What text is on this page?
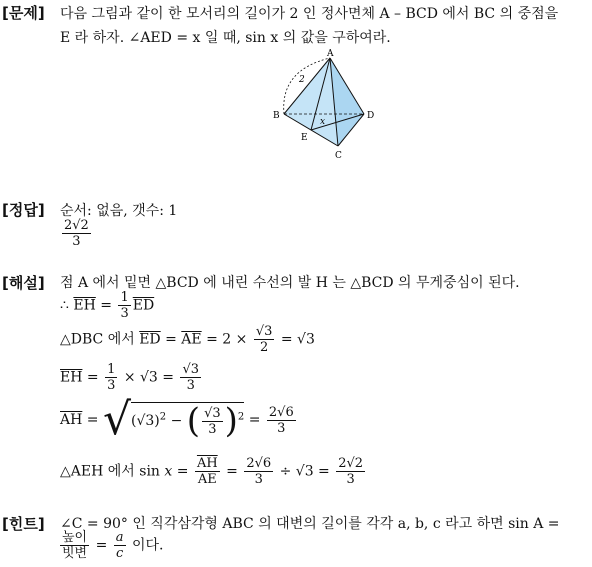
[문제] 다음 그림과 같이 한 모서리의 길이가 2 인 정사면체 A – BCD 에서 BC 의 중점을
E 라 하자. ∠AED = x 일 때, sin x 의 값을 구하여라.
A
B
C
D
E
2
x
[정답] 순서: 없음, 갯수: 1
$\frac{2√2}{3}$
[해설] 점 A 에서 밑면 △BCD 에 내린 수선의 발 H 는 △BCD 의 무게중심이 된다.
∴ $\overline{EH} = \frac{1}{3} \overline{ED}$
△DBC 에서 $\overline{ED} = \overline{AE} = 2 \times \frac{√3}{2} = √3$
$\overline{EH} = \frac{1}{3} \times √3 = \frac{√3}{3}$
$\overline{AH} = √(√3)^2$ − ( $\frac{√3}{3} )^2 = \frac{2√6}{3}$
△AEH 에서 $\sin x = \frac{\overline{AH}}{AE} = \frac{2√6}{3} \div √3 = \frac{2√2}{3}$
[힌트] ∠C = 90° 인 직각삼각형 ABC 의 대변의 길이를 각각 a, b, c 라고 하면 sin A =
$\frac{\text{높이}}{\text{빗변}} = \frac{a}{c}$ 이다.
